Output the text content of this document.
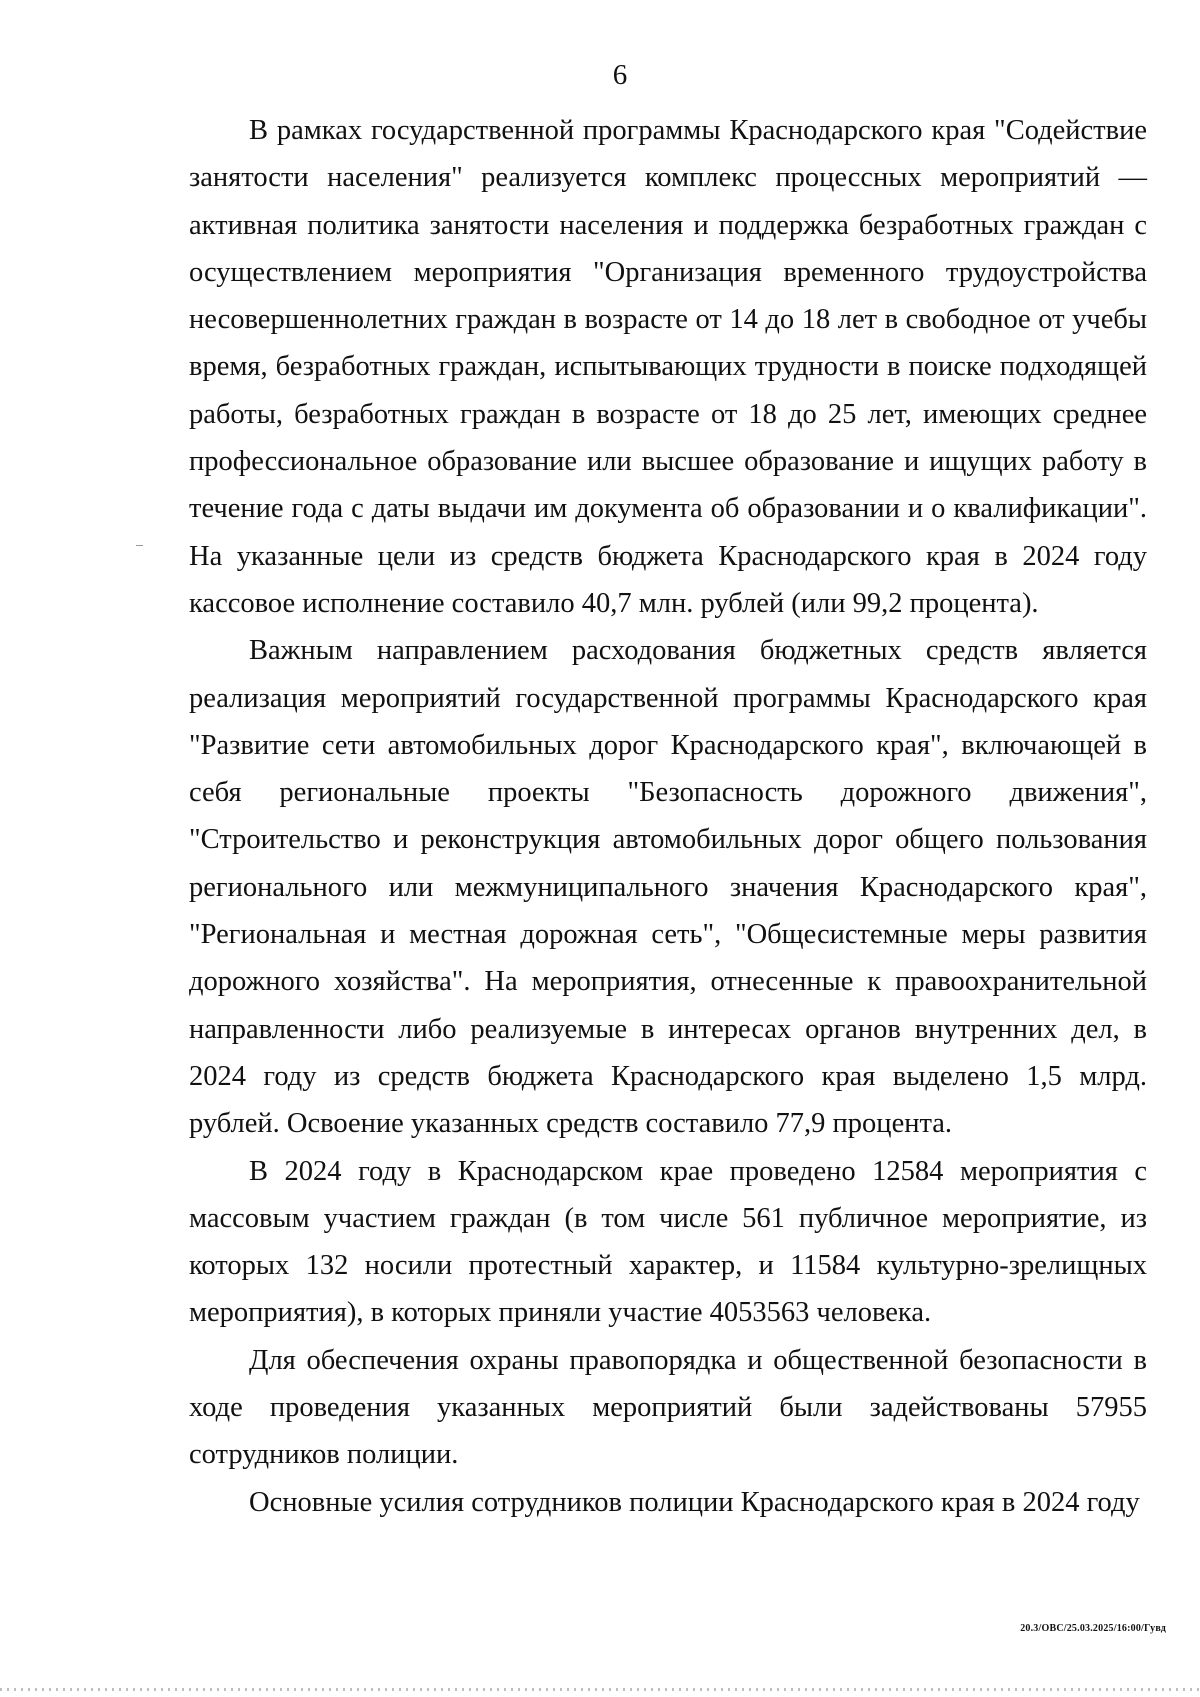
6

В рамках государственной программы Краснодарского края "Содействие занятости населения" реализуется комплекс процессных мероприятий — активная политика занятости населения и поддержка безработных граждан с осуществлением мероприятия "Организация временного трудоустройства несовершеннолетних граждан в возрасте от 14 до 18 лет в свободное от учебы время, безработных граждан, испытывающих трудности в поиске подходящей работы, безработных граждан в возрасте от 18 до 25 лет, имеющих среднее профессиональное образование или высшее образование и ищущих работу в течение года с даты выдачи им документа об образовании и о квалификации". На указанные цели из средств бюджета Краснодарского края в 2024 году кассовое исполнение составило 40,7 млн. рублей (или 99,2 процента).

Важным направлением расходования бюджетных средств является реализация мероприятий государственной программы Краснодарского края "Развитие сети автомобильных дорог Краснодарского края", включающей в себя региональные проекты "Безопасность дорожного движения", "Строительство и реконструкция автомобильных дорог общего пользования регионального или межмуниципального значения Краснодарского края", "Региональная и местная дорожная сеть", "Общесистемные меры развития дорожного хозяйства". На мероприятия, отнесенные к правоохранительной направленности либо реализуемые в интересах органов внутренних дел, в 2024 году из средств бюджета Краснодарского края выделено 1,5 млрд. рублей. Освоение указанных средств составило 77,9 процента.

В 2024 году в Краснодарском крае проведено 12584 мероприятия с массовым участием граждан (в том числе 561 публичное мероприятие, из которых 132 носили протестный характер, и 11584 культурно-зрелищных мероприятия), в которых приняли участие 4053563 человека.

Для обеспечения охраны правопорядка и общественной безопасности в ходе проведения указанных мероприятий были задействованы 57955 сотрудников полиции.

Основные усилия сотрудников полиции Краснодарского края в 2024 году

20.3/ОВС/25.03.2025/16:00/Гувд
